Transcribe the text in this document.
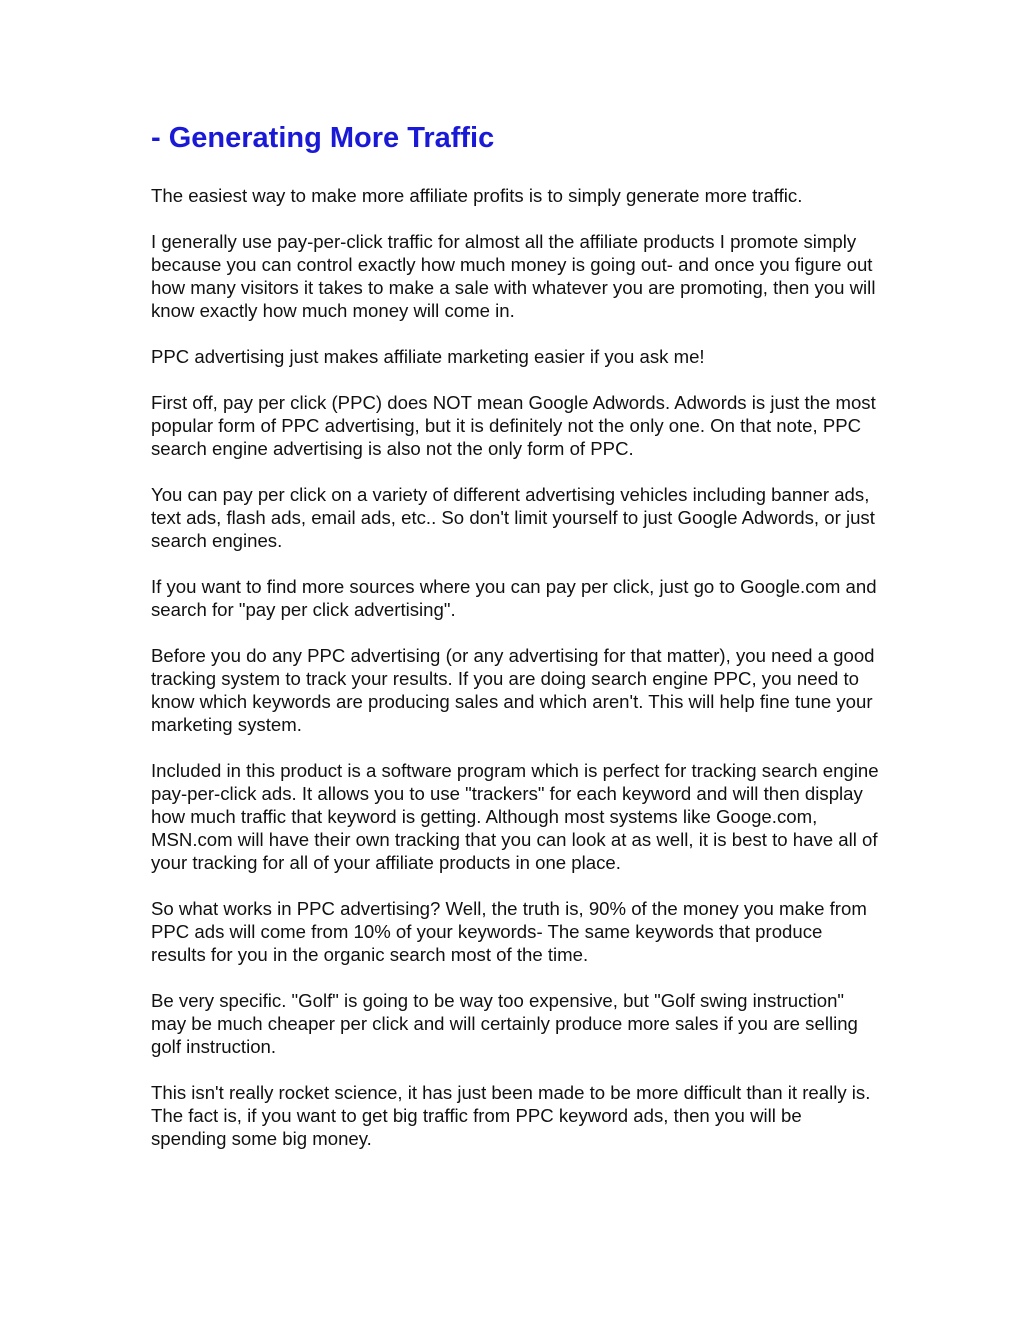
- Generating More Traffic

The easiest way to make more affiliate profits is to simply generate more traffic.

I generally use pay-per-click traffic for almost all the affiliate products I promote simply because you can control exactly how much money is going out- and once you figure out how many visitors it takes to make a sale with whatever you are promoting, then you will know exactly how much money will come in.

PPC advertising just makes affiliate marketing easier if you ask me!

First off, pay per click (PPC) does NOT mean Google Adwords. Adwords is just the most popular form of PPC advertising, but it is definitely not the only one. On that note, PPC search engine advertising is also not the only form of PPC.

You can pay per click on a variety of different advertising vehicles including banner ads, text ads, flash ads, email ads, etc.. So don't limit yourself to just Google Adwords, or just search engines.

If you want to find more sources where you can pay per click, just go to Google.com and search for "pay per click advertising".

Before you do any PPC advertising (or any advertising for that matter), you need a good tracking system to track your results. If you are doing search engine PPC, you need to know which keywords are producing sales and which aren't. This will help fine tune your marketing system.

Included in this product is a software program which is perfect for tracking search engine pay-per-click ads. It allows you to use "trackers" for each keyword and will then display how much traffic that keyword is getting. Although most systems like Googe.com, MSN.com will have their own tracking that you can look at as well, it is best to have all of your tracking for all of your affiliate products in one place.

So what works in PPC advertising? Well, the truth is, 90% of the money you make from PPC ads will come from 10% of your keywords- The same keywords that produce results for you in the organic search most of the time.

Be very specific. "Golf" is going to be way too expensive, but "Golf swing instruction" may be much cheaper per click and will certainly produce more sales if you are selling golf instruction.

This isn't really rocket science, it has just been made to be more difficult than it really is. The fact is, if you want to get big traffic from PPC keyword ads, then you will be spending some big money.
